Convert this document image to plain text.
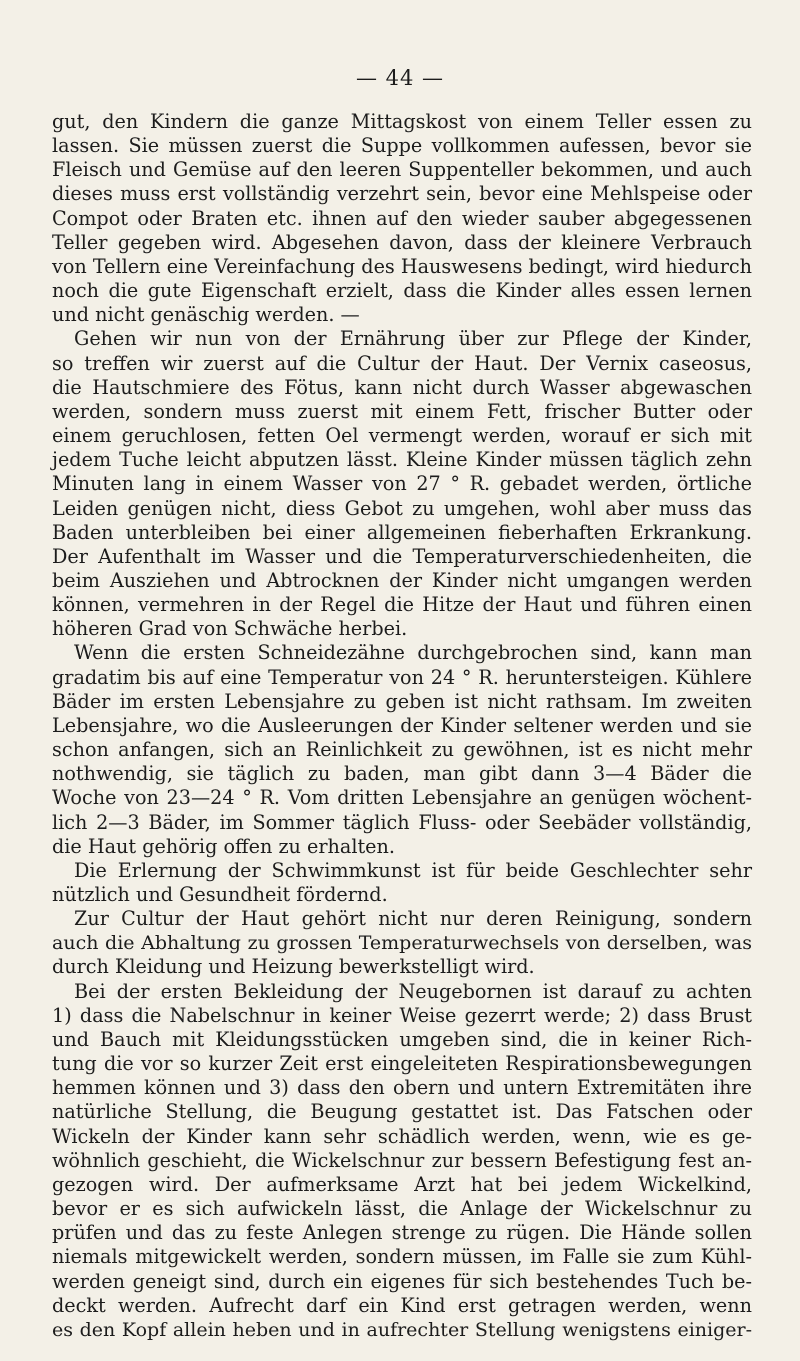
— 44 —
gut, den Kindern die ganze Mittagskost von einem Teller essen zu
lassen. Sie müssen zuerst die Suppe vollkommen aufessen, bevor sie
Fleisch und Gemüse auf den leeren Suppenteller bekommen, und auch
dieses muss erst vollständig verzehrt sein, bevor eine Mehlspeise oder
Compot oder Braten etc. ihnen auf den wieder sauber abgegessenen
Teller gegeben wird. Abgesehen davon, dass der kleinere Verbrauch
von Tellern eine Vereinfachung des Hauswesens bedingt, wird hiedurch
noch die gute Eigenschaft erzielt, dass die Kinder alles essen lernen
und nicht genäschig werden. —
Gehen wir nun von der Ernährung über zur Pflege der Kinder,
so treffen wir zuerst auf die Cultur der Haut. Der Vernix caseosus,
die Hautschmiere des Fötus, kann nicht durch Wasser abgewaschen
werden, sondern muss zuerst mit einem Fett, frischer Butter oder
einem geruchlosen, fetten Oel vermengt werden, worauf er sich mit
jedem Tuche leicht abputzen lässt. Kleine Kinder müssen täglich zehn
Minuten lang in einem Wasser von 27 ° R. gebadet werden, örtliche
Leiden genügen nicht, diess Gebot zu umgehen, wohl aber muss das
Baden unterbleiben bei einer allgemeinen fieberhaften Erkrankung.
Der Aufenthalt im Wasser und die Temperaturverschiedenheiten, die
beim Ausziehen und Abtrocknen der Kinder nicht umgangen werden
können, vermehren in der Regel die Hitze der Haut und führen einen
höheren Grad von Schwäche herbei.
Wenn die ersten Schneidezähne durchgebrochen sind, kann man
gradatim bis auf eine Temperatur von 24 ° R. heruntersteigen. Kühlere
Bäder im ersten Lebensjahre zu geben ist nicht rathsam. Im zweiten
Lebensjahre, wo die Ausleerungen der Kinder seltener werden und sie
schon anfangen, sich an Reinlichkeit zu gewöhnen, ist es nicht mehr
nothwendig, sie täglich zu baden, man gibt dann 3—4 Bäder die
Woche von 23—24 ° R. Vom dritten Lebensjahre an genügen wöchent-
lich 2—3 Bäder, im Sommer täglich Fluss- oder Seebäder vollständig,
die Haut gehörig offen zu erhalten.
Die Erlernung der Schwimmkunst ist für beide Geschlechter sehr
nützlich und Gesundheit fördernd.
Zur Cultur der Haut gehört nicht nur deren Reinigung, sondern
auch die Abhaltung zu grossen Temperaturwechsels von derselben, was
durch Kleidung und Heizung bewerkstelligt wird.
Bei der ersten Bekleidung der Neugebornen ist darauf zu achten
1) dass die Nabelschnur in keiner Weise gezerrt werde; 2) dass Brust
und Bauch mit Kleidungsstücken umgeben sind, die in keiner Rich-
tung die vor so kurzer Zeit erst eingeleiteten Respirationsbewegungen
hemmen können und 3) dass den obern und untern Extremitäten ihre
natürliche Stellung, die Beugung gestattet ist. Das Fatschen oder
Wickeln der Kinder kann sehr schädlich werden, wenn, wie es ge-
wöhnlich geschieht, die Wickelschnur zur bessern Befestigung fest an-
gezogen wird. Der aufmerksame Arzt hat bei jedem Wickelkind,
bevor er es sich aufwickeln lässt, die Anlage der Wickelschnur zu
prüfen und das zu feste Anlegen strenge zu rügen. Die Hände sollen
niemals mitgewickelt werden, sondern müssen, im Falle sie zum Kühl-
werden geneigt sind, durch ein eigenes für sich bestehendes Tuch be-
deckt werden. Aufrecht darf ein Kind erst getragen werden, wenn
es den Kopf allein heben und in aufrechter Stellung wenigstens einiger-
